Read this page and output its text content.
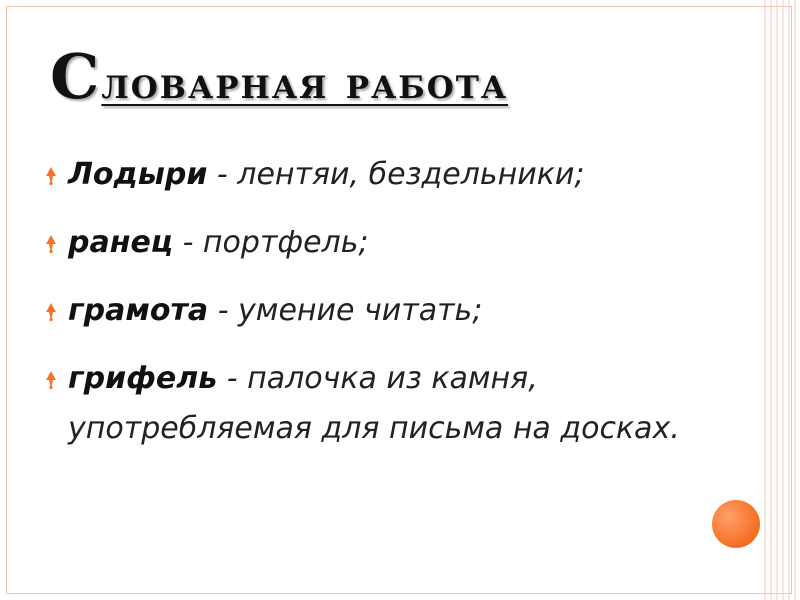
Словарная работа
Лодыри - лентяи, бездельники;
ранец - портфель;
грамота - умение читать;
грифель - палочка из камня, употребляемая для письма на досках.
